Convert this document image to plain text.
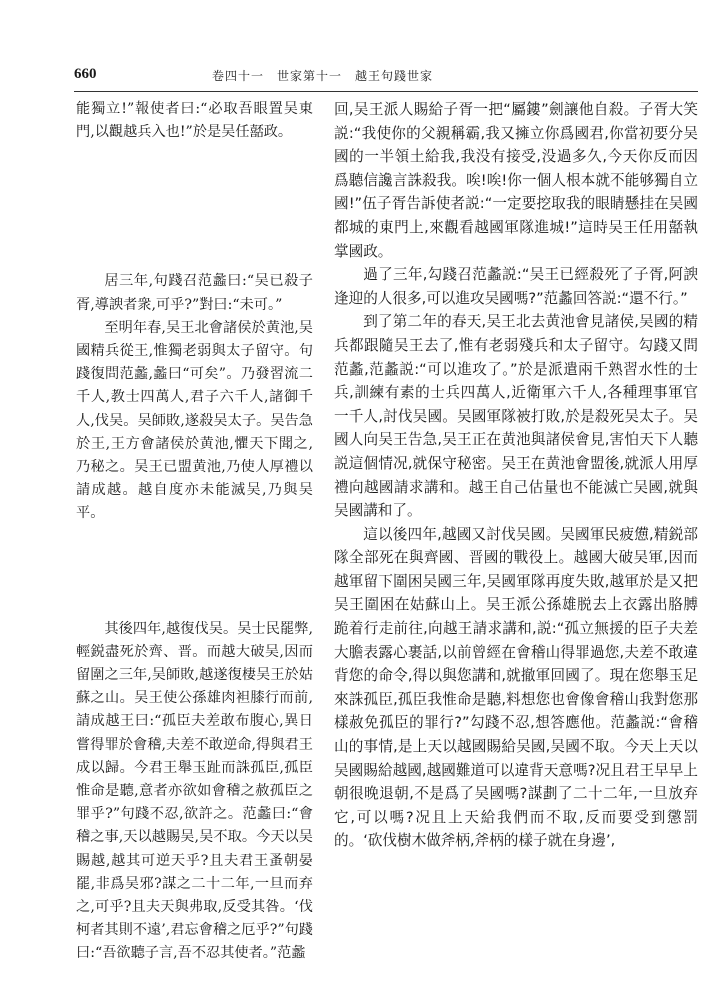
660	卷四十一　世家第十一　越王句踐世家

能獨立!”報使者曰:“必取吾眼置吴東門,以觀越兵入也!”於是吴任嚭政。

居三年,句踐召范蠡曰:“吴已殺子胥,導諛者衆,可乎?”對曰:“未可。”

至明年春,吴王北會諸侯於黄池,吴國精兵從王,惟獨老弱與太子留守。句踐復問范蠡,蠡曰“可矣”。乃發習流二千人,教士四萬人,君子六千人,諸御千人,伐吴。吴師敗,遂殺吴太子。吴告急於王,王方會諸侯於黄池,懼天下聞之,乃秘之。吴王已盟黄池,乃使人厚禮以請成越。越自度亦未能滅吴,乃與吴平。

其後四年,越復伐吴。吴士民罷弊,輕鋭盡死於齊、晋。而越大破吴,因而留圍之三年,吴師敗,越遂復棲吴王於姑蘇之山。吴王使公孫雄肉袒膝行而前,請成越王曰:“孤臣夫差敢布腹心,異日嘗得罪於會稽,夫差不敢逆命,得與君王成以歸。今君王舉玉趾而誅孤臣,孤臣惟命是聽,意者亦欲如會稽之赦孤臣之罪乎?”句踐不忍,欲許之。范蠡曰:“會稽之事,天以越賜吴,吴不取。今天以吴賜越,越其可逆天乎?且夫君王蚤朝晏罷,非爲吴邪?謀之二十二年,一旦而弃之,可乎?且夫天與弗取,反受其咎。‘伐柯者其則不遠’,君忘會稽之厄乎?”句踐曰:“吾欲聽子言,吾不忍其使者。”范蠡

回,吴王派人賜給子胥一把“屬鏤”劍讓他自殺。子胥大笑説:“我使你的父親稱霸,我又擁立你爲國君,你當初要分吴國的一半領土給我,我没有接受,没過多久,今天你反而因爲聽信讒言誅殺我。唉!唉!你一個人根本就不能够獨自立國!”伍子胥告訴使者説:“一定要挖取我的眼睛懸挂在吴國都城的東門上,來觀看越國軍隊進城!”這時吴王任用嚭執掌國政。

過了三年,勾踐召范蠡説:“吴王已經殺死了子胥,阿諛逢迎的人很多,可以進攻吴國嗎?”范蠡回答説:“還不行。”

到了第二年的春天,吴王北去黄池會見諸侯,吴國的精兵都跟隨吴王去了,惟有老弱殘兵和太子留守。勾踐又問范蠡,范蠡説:“可以進攻了。”於是派遣兩千熟習水性的士兵,訓練有素的士兵四萬人,近衛軍六千人,各種理事軍官一千人,討伐吴國。吴國軍隊被打敗,於是殺死吴太子。吴國人向吴王告急,吴王正在黄池與諸侯會見,害怕天下人聽説這個情况,就保守秘密。吴王在黄池會盟後,就派人用厚禮向越國請求講和。越王自己估量也不能滅亡吴國,就與吴國講和了。

這以後四年,越國又討伐吴國。吴國軍民疲憊,精鋭部隊全部死在與齊國、晋國的戰役上。越國大破吴軍,因而越軍留下圍困吴國三年,吴國軍隊再度失敗,越軍於是又把吴王圍困在姑蘇山上。吴王派公孫雄脱去上衣露出胳膊跪着行走前往,向越王請求講和,説:“孤立無援的臣子夫差大膽表露心裹話,以前曾經在會稽山得罪過您,夫差不敢違背您的命令,得以與您講和,就撤軍回國了。現在您舉玉足來誅孤臣,孤臣我惟命是聽,料想您也會像會稽山我對您那樣赦免孤臣的罪行?”勾踐不忍,想答應他。范蠡説:“會稽山的事情,是上天以越國賜給吴國,吴國不取。今天上天以吴國賜給越國,越國難道可以違背天意嗎?况且君王早早上朝很晚退朝,不是爲了吴國嗎?謀劃了二十二年,一旦放弃它,可以嗎?况且上天給我們而不取,反而要受到懲罰的。‘砍伐樹木做斧柄,斧柄的樣子就在身邊’,
